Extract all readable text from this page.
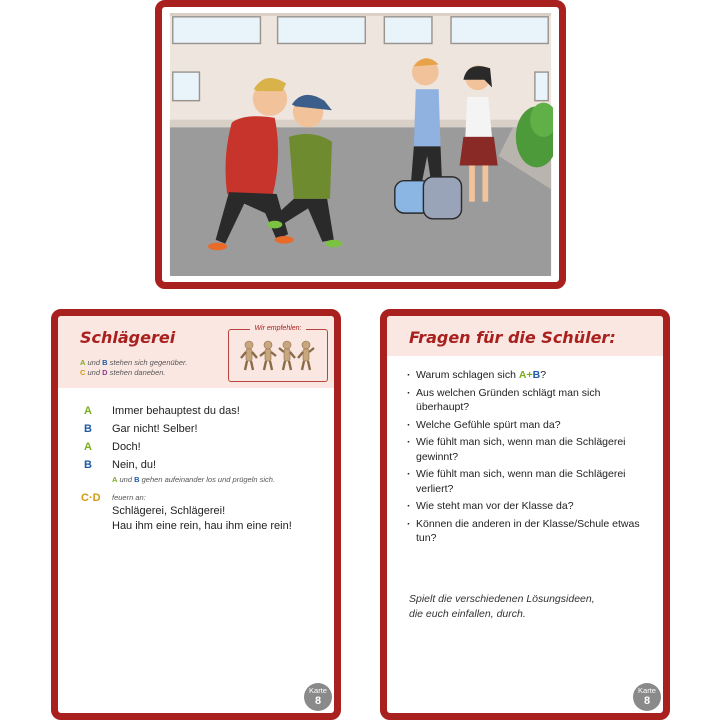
Schlägerei
A und B stehen sich gegenüber.
C und D stehen daneben.
Wir empfehlen:
A Immer behauptest du das!
B Gar nicht! Selber!
A Doch!
B Nein, du!
A und B gehen aufeinander los und prügeln sich.
C·D feuern an:
Schlägerei, Schlägerei!
Hau ihm eine rein, hau ihm eine rein!
Karte
8
Fragen für die Schüler:
· Warum schlagen sich A+B?
· Aus welchen Gründen schlägt man sich überhaupt?
· Welche Gefühle spürt man da?
· Wie fühlt man sich, wenn man die Schlägerei gewinnt?
· Wie fühlt man sich, wenn man die Schlägerei verliert?
· Wie steht man vor der Klasse da?
· Können die anderen in der Klasse/Schule etwas tun?
Spielt die verschiedenen Lösungsideen,
die euch einfallen, durch.
Karte
8
